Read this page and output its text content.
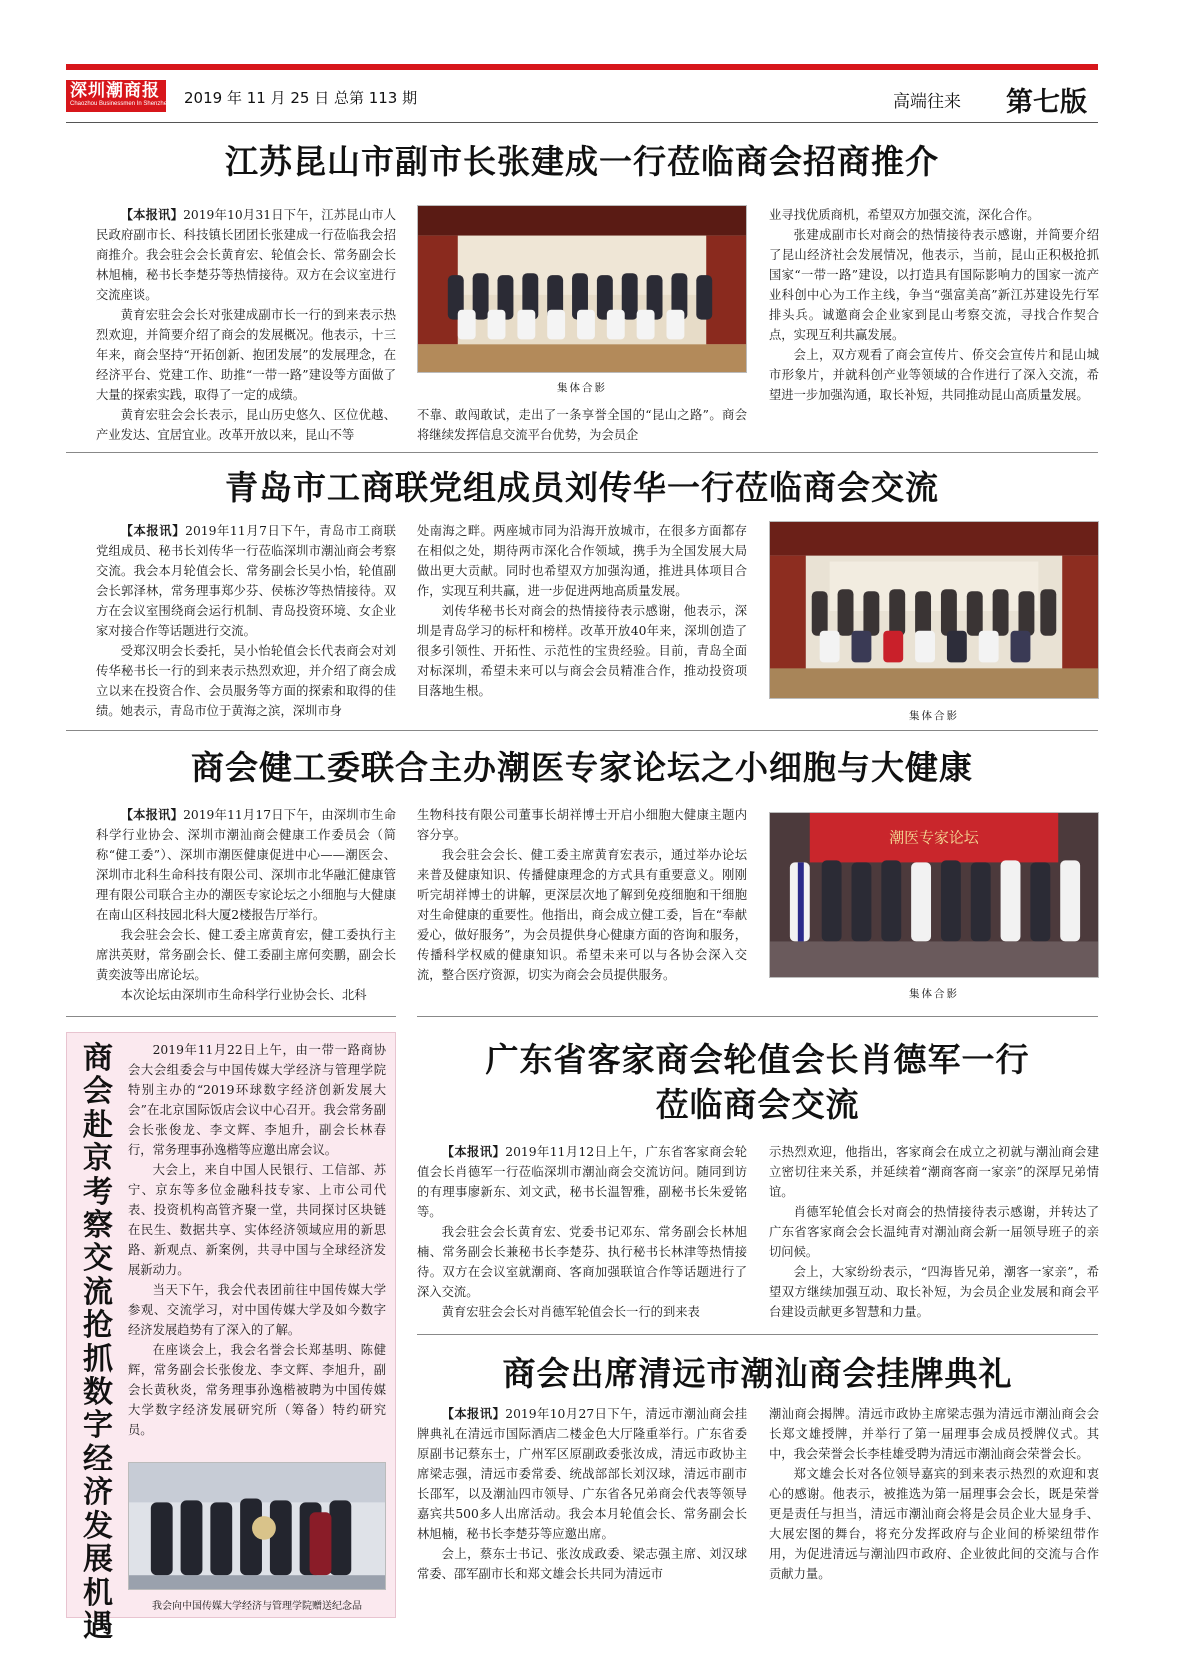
深圳潮商报
Chaozhou Businessmen In Shenzhen 2019 年 11 月 25 日 总第 113 期	高端往来 第七版
江苏昆山市副市长张建成一行莅临商会招商推介

【本报讯】2019年10月31日下午，江苏昆山市人民政府副市长、科技镇长团团长张建成一行莅临我会招商推介。我会驻会会长黄育宏、轮值会长、常务副会长林旭楠，秘书长李楚芬等热情接待。双方在会议室进行交流座谈。

黄育宏驻会会长对张建成副市长一行的到来表示热烈欢迎，并简要介绍了商会的发展概况。他表示，十三年来，商会坚持“开拓创新、抱团发展”的发展理念，在经济平台、党建工作、助推“一带一路”建设等方面做了大量的探索实践，取得了一定的成绩。

黄育宏驻会会长表示，昆山历史悠久、区位优越、产业发达、宜居宜业。改革开放以来，昆山不等

集体合影

不靠、敢闯敢试，走出了一条享誉全国的“昆山之路”。商会将继续发挥信息交流平台优势，为会员企

业寻找优质商机，希望双方加强交流，深化合作。

张建成副市长对商会的热情接待表示感谢，并简要介绍了昆山经济社会发展情况，他表示，当前，昆山正积极抢抓国家“一带一路”建设，以打造具有国际影响力的国家一流产业科创中心为工作主线，争当“强富美高”新江苏建设先行军排头兵。诚邀商会企业家到昆山考察交流，寻找合作契合点，实现互利共赢发展。

会上，双方观看了商会宣传片、侨交会宣传片和昆山城市形象片，并就科创产业等领域的合作进行了深入交流，希望进一步加强沟通，取长补短，共同推动昆山高质量发展。

青岛市工商联党组成员刘传华一行莅临商会交流

【本报讯】2019年11月7日下午，青岛市工商联党组成员、秘书长刘传华一行莅临深圳市潮汕商会考察交流。我会本月轮值会长、常务副会长吴小怡，轮值副会长郭泽林，常务理事郑少芬、侯栋汐等热情接待。双方在会议室围绕商会运行机制、青岛投资环境、女企业家对接合作等话题进行交流。

受郑汉明会长委托，吴小怡轮值会长代表商会对刘传华秘书长一行的到来表示热烈欢迎，并介绍了商会成立以来在投资合作、会员服务等方面的探索和取得的佳绩。她表示，青岛市位于黄海之滨，深圳市身

处南海之畔。两座城市同为沿海开放城市，在很多方面都存在相似之处，期待两市深化合作领域，携手为全国发展大局做出更大贡献。同时也希望双方加强沟通，推进具体项目合作，实现互利共赢，进一步促进两地高质量发展。

刘传华秘书长对商会的热情接待表示感谢，他表示，深圳是青岛学习的标杆和榜样。改革开放40年来，深圳创造了很多引领性、开拓性、示范性的宝贵经验。目前，青岛全面对标深圳，希望未来可以与商会会员精准合作，推动投资项目落地生根。

集体合影
商会健工委联合主办潮医专家论坛之小细胞与大健康

【本报讯】2019年11月17日下午，由深圳市生命科学行业协会、深圳市潮汕商会健康工作委员会（简称“健工委”）、深圳市潮医健康促进中心——潮医会、深圳市北科生命科技有限公司、深圳市北华融汇健康管理有限公司联合主办的潮医专家论坛之小细胞与大健康在南山区科技园北科大厦2楼报告厅举行。

我会驻会会长、健工委主席黄育宏，健工委执行主席洪英财，常务副会长、健工委副主席何奕鹏，副会长黄奕波等出席论坛。

本次论坛由深圳市生命科学行业协会长、北科

生物科技有限公司董事长胡祥博士开启小细胞大健康主题内容分享。

我会驻会会长、健工委主席黄育宏表示，通过举办论坛来普及健康知识、传播健康理念的方式具有重要意义。刚刚听完胡祥博士的讲解，更深层次地了解到免疫细胞和干细胞对生命健康的重要性。他指出，商会成立健工委，旨在“奉献爱心，做好服务”，为会员提供身心健康方面的咨询和服务，传播科学权威的健康知识。希望未来可以与各协会深入交流，整合医疗资源，切实为商会会员提供服务。

潮医专家论坛
集体合影
商会赴京考察交流 抢抓数字经济发展机遇

2019年11月22日上午，由一带一路商协会大会组委会与中国传媒大学经济与管理学院特别主办的“2019环球数字经济创新发展大会”在北京国际饭店会议中心召开。我会常务副会长张俊龙、李文辉、李旭升，副会长林春行，常务理事孙逸楷等应邀出席会议。

大会上，来自中国人民银行、工信部、苏宁、京东等多位金融科技专家、上市公司代表、投资机构高管齐聚一堂，共同探讨区块链在民生、数据共享、实体经济领域应用的新思路、新观点、新案例，共寻中国与全球经济发展新动力。

当天下午，我会代表团前往中国传媒大学参观、交流学习，对中国传媒大学及如今数字经济发展趋势有了深入的了解。

在座谈会上，我会名誉会长郑基明、陈健辉，常务副会长张俊龙、李文辉、李旭升，副会长黄秋炎，常务理事孙逸楷被聘为中国传媒大学数字经济发展研究所（筹备）特约研究员。

我会向中国传媒大学经济与管理学院赠送纪念品
广东省客家商会轮值会长肖德军一行
莅临商会交流

【本报讯】2019年11月12日上午，广东省客家商会轮值会长肖德军一行莅临深圳市潮汕商会交流访问。随同到访的有理事廖新东、刘文武，秘书长温智雅，副秘书长朱爱铭等。

我会驻会会长黄育宏、党委书记邓东、常务副会长林旭楠、常务副会长兼秘书长李楚芬、执行秘书长林津等热情接待。双方在会议室就潮商、客商加强联谊合作等话题进行了深入交流。

黄育宏驻会会长对肖德军轮值会长一行的到来表

示热烈欢迎，他指出，客家商会在成立之初就与潮汕商会建立密切往来关系，并延续着“潮商客商一家亲”的深厚兄弟情谊。

肖德军轮值会长对商会的热情接待表示感谢，并转达了广东省客家商会会长温纯青对潮汕商会新一届领导班子的亲切问候。

会上，大家纷纷表示，“四海皆兄弟，潮客一家亲”，希望双方继续加强互动、取长补短，为会员企业发展和商会平台建设贡献更多智慧和力量。

商会出席清远市潮汕商会挂牌典礼

【本报讯】2019年10月27日下午，清远市潮汕商会挂牌典礼在清远市国际酒店二楼金色大厅隆重举行。广东省委原副书记蔡东士，广州军区原副政委张汝成，清远市政协主席梁志强，清远市委常委、统战部部长刘汉球，清远市副市长邵军，以及潮汕四市领导、广东省各兄弟商会代表等领导嘉宾共500多人出席活动。我会本月轮值会长、常务副会长林旭楠，秘书长李楚芬等应邀出席。

会上，蔡东士书记、张汝成政委、梁志强主席、刘汉球常委、邵军副市长和郑文雄会长共同为清远市

潮汕商会揭牌。清远市政协主席梁志强为清远市潮汕商会会长郑文雄授牌，并举行了第一届理事会成员授牌仪式。其中，我会荣誉会长李桂雄受聘为清远市潮汕商会荣誉会长。

郑文雄会长对各位领导嘉宾的到来表示热烈的欢迎和衷心的感谢。他表示，被推选为第一届理事会会长，既是荣誉更是责任与担当，清远市潮汕商会将是会员企业大显身手、大展宏图的舞台，将充分发挥政府与企业间的桥梁纽带作用，为促进清远与潮汕四市政府、企业彼此间的交流与合作贡献力量。
